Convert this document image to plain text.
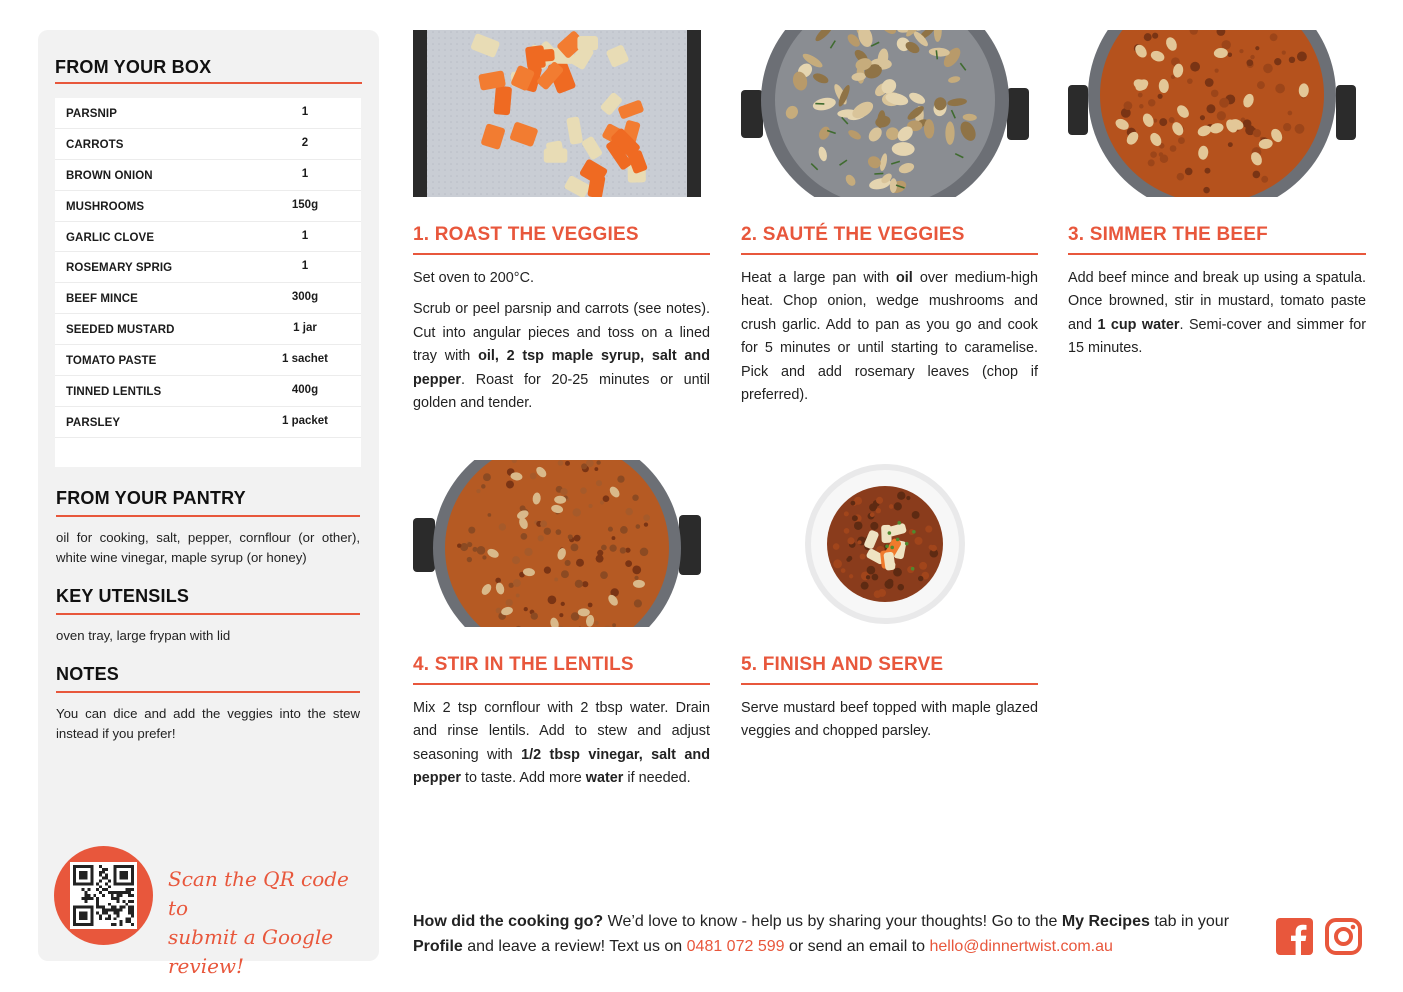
FROM YOUR BOX
PARSNIP	1
CARROTS	2
BROWN ONION	1
MUSHROOMS	150g
GARLIC CLOVE	1
ROSEMARY SPRIG	1
BEEF MINCE	300g
SEEDED MUSTARD	1 jar
TOMATO PASTE	1 sachet
TINNED LENTILS	400g
PARSLEY	1 packet
FROM YOUR PANTRY
oil for cooking, salt, pepper, cornflour (or other), white wine vinegar, maple syrup (or honey)
KEY UTENSILS
oven tray, large frypan with lid
NOTES
You can dice and add the veggies into the stew instead if you prefer!
Scan the QR code to
submit a Google review!
1. ROAST THE VEGGIES

Set oven to 200°C.

Scrub or peel parsnip and carrots (see notes). Cut into angular pieces and toss on a lined tray with oil, 2 tsp maple syrup, salt and pepper. Roast for 20-25 minutes or until golden and tender.

2. SAUTÉ THE VEGGIES

Heat a large pan with oil over medium-high heat. Chop onion, wedge mushrooms and crush garlic. Add to pan as you go and cook for 5 minutes or until starting to caramelise. Pick and add rosemary leaves (chop if preferred).

3. SIMMER THE BEEF

Add beef mince and break up using a spatula. Once browned, stir in mustard, tomato paste and 1 cup water. Semi-cover and simmer for 15 minutes.

4. STIR IN THE LENTILS

Mix 2 tsp cornflour with 2 tbsp water. Drain and rinse lentils. Add to stew and adjust seasoning with 1/2 tbsp vinegar, salt and pepper to taste. Add more water if needed.

5. FINISH AND SERVE

Serve mustard beef topped with maple glazed veggies and chopped parsley.

How did the cooking go? We’d love to know - help us by sharing your thoughts! Go to the My Recipes tab in your Profile and leave a review! Text us on 0481 072 599 or send an email to hello@dinnertwist.com.au
